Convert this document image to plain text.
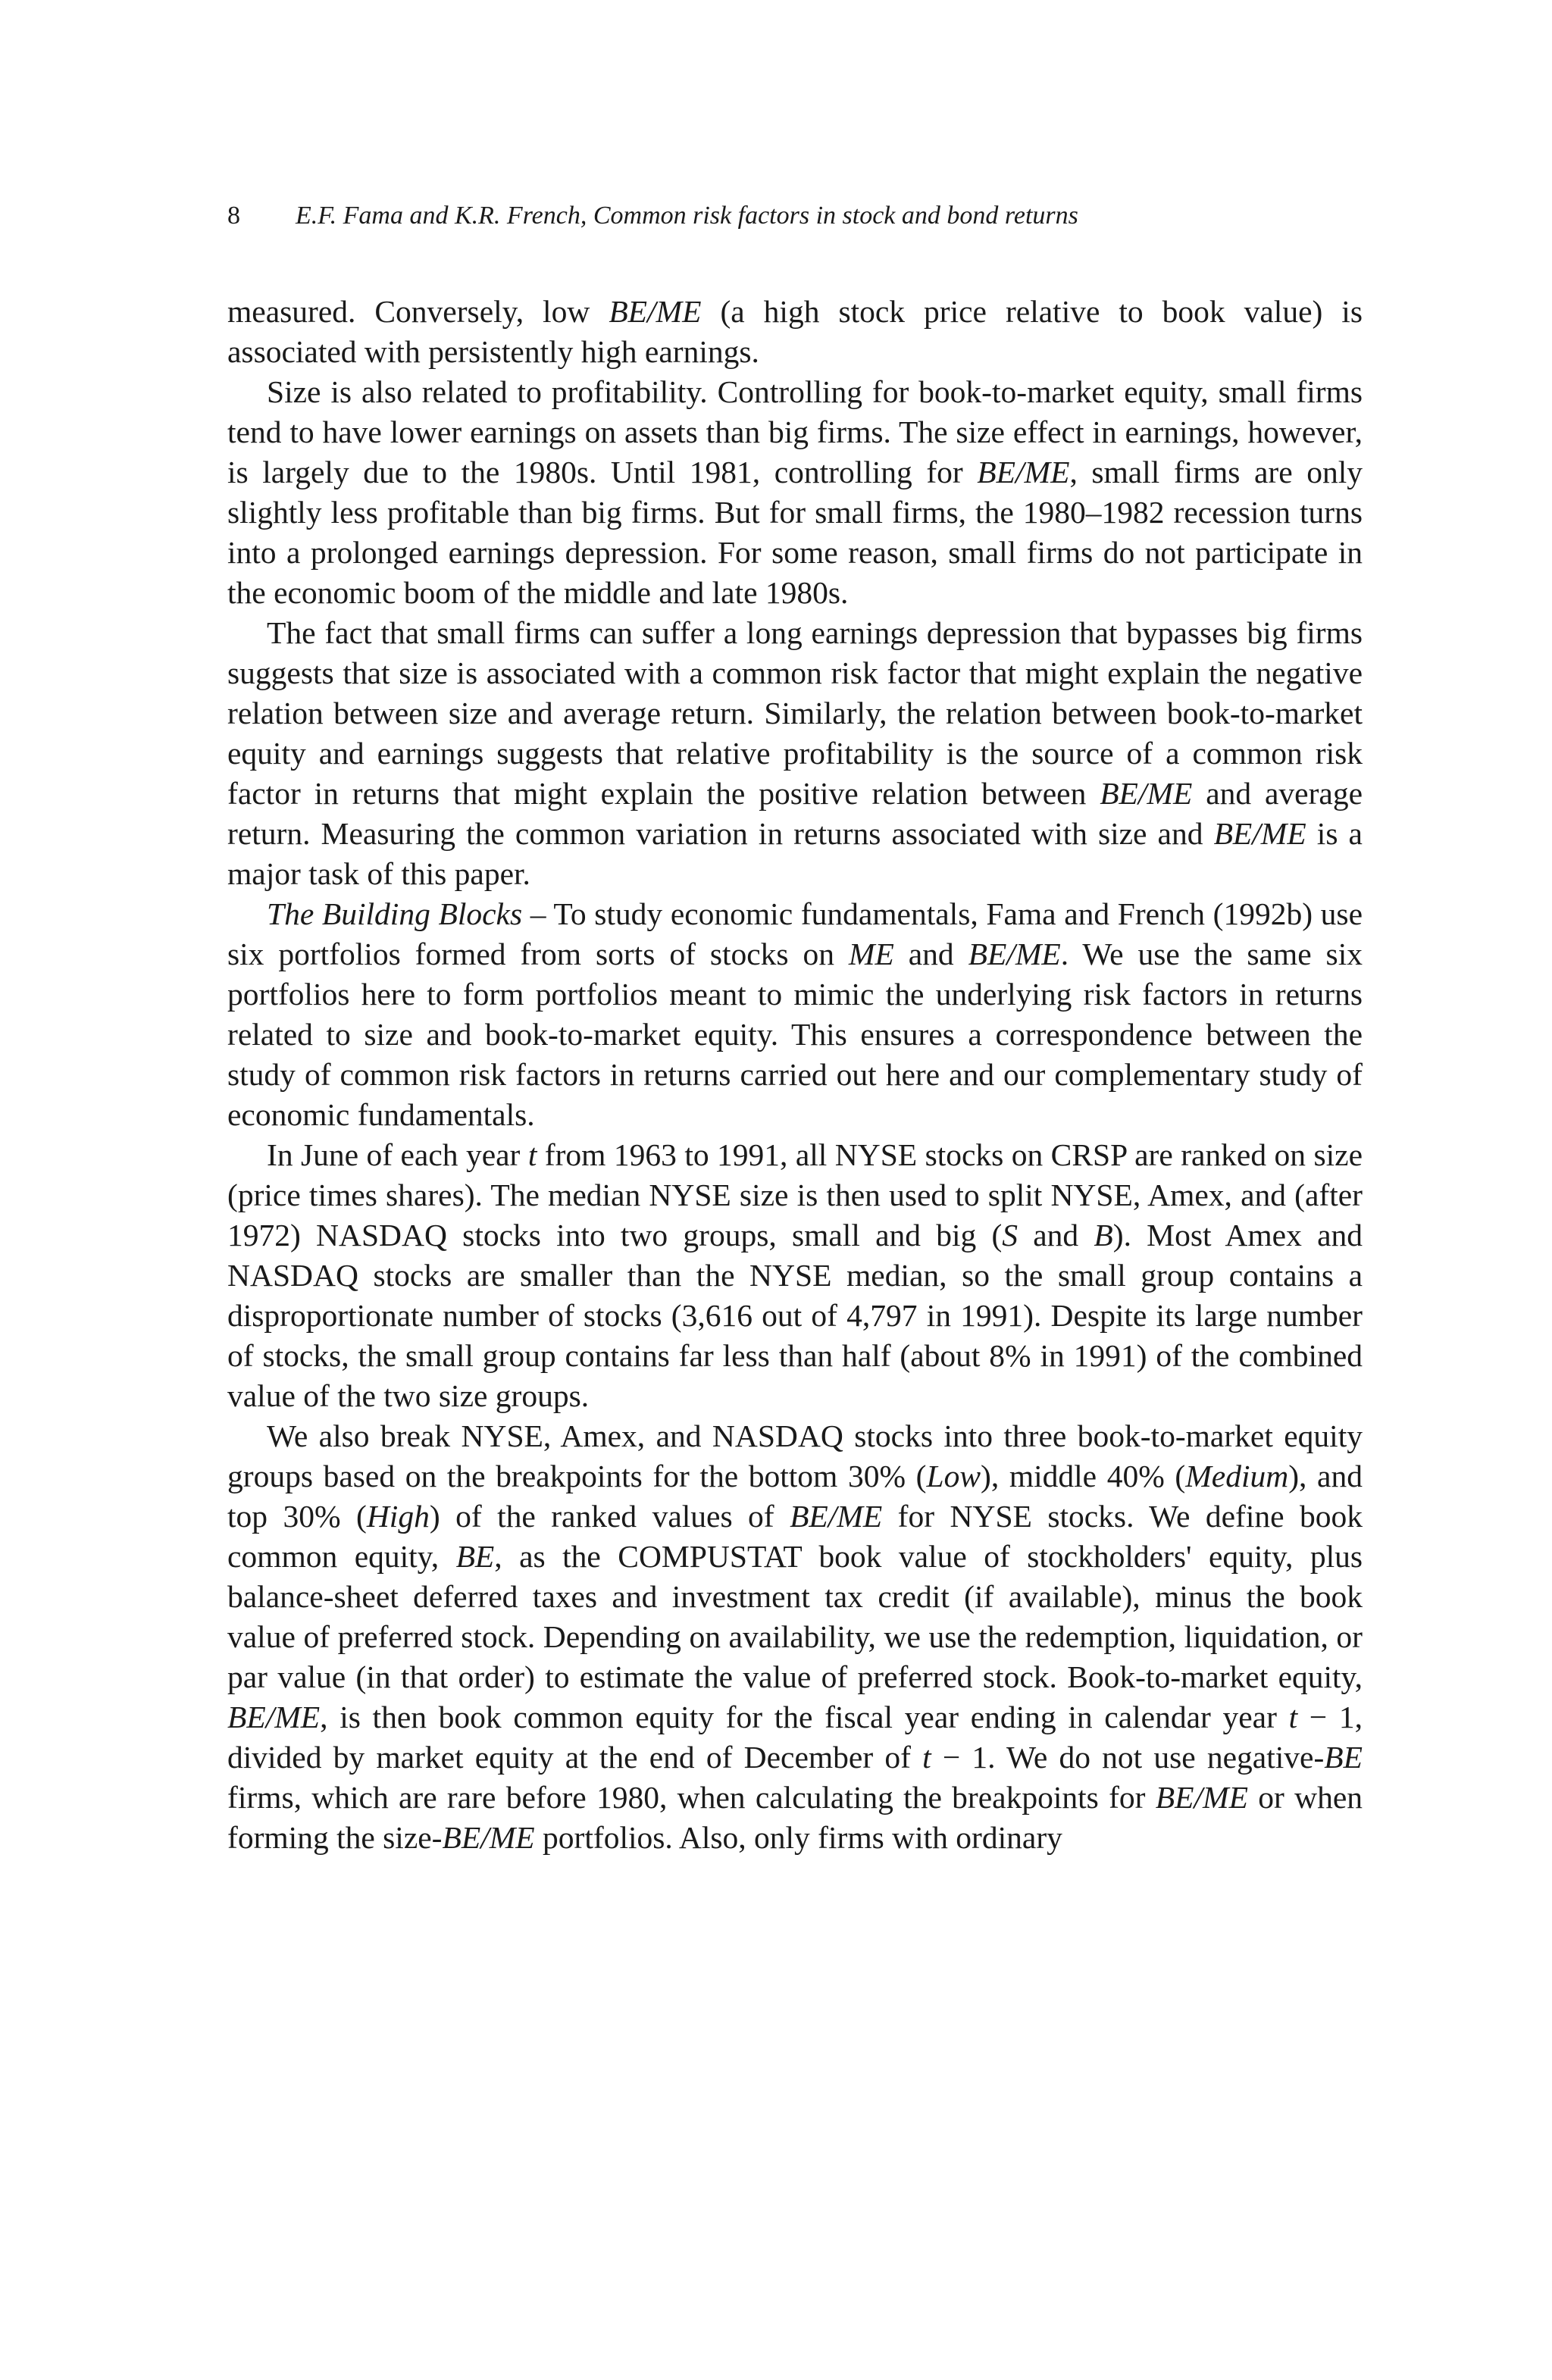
8 E.F. Fama and K.R. French, Common risk factors in stock and bond returns

measured. Conversely, low BE/ME (a high stock price relative to book value) is associated with persistently high earnings.

Size is also related to profitability. Controlling for book-to-market equity, small firms tend to have lower earnings on assets than big firms. The size effect in earnings, however, is largely due to the 1980s. Until 1981, controlling for BE/ME, small firms are only slightly less profitable than big firms. But for small firms, the 1980–1982 recession turns into a prolonged earnings depression. For some reason, small firms do not participate in the economic boom of the middle and late 1980s.

The fact that small firms can suffer a long earnings depression that bypasses big firms suggests that size is associated with a common risk factor that might explain the negative relation between size and average return. Similarly, the relation between book-to-market equity and earnings suggests that relative profitability is the source of a common risk factor in returns that might explain the positive relation between BE/ME and average return. Measuring the common variation in returns associated with size and BE/ME is a major task of this paper.

The Building Blocks – To study economic fundamentals, Fama and French (1992b) use six portfolios formed from sorts of stocks on ME and BE/ME. We use the same six portfolios here to form portfolios meant to mimic the underlying risk factors in returns related to size and book-to-market equity. This ensures a correspondence between the study of common risk factors in returns carried out here and our complementary study of economic fundamentals.

In June of each year t from 1963 to 1991, all NYSE stocks on CRSP are ranked on size (price times shares). The median NYSE size is then used to split NYSE, Amex, and (after 1972) NASDAQ stocks into two groups, small and big (S and B). Most Amex and NASDAQ stocks are smaller than the NYSE median, so the small group contains a disproportionate number of stocks (3,616 out of 4,797 in 1991). Despite its large number of stocks, the small group contains far less than half (about 8% in 1991) of the combined value of the two size groups.

We also break NYSE, Amex, and NASDAQ stocks into three book-to-market equity groups based on the breakpoints for the bottom 30% (Low), middle 40% (Medium), and top 30% (High) of the ranked values of BE/ME for NYSE stocks. We define book common equity, BE, as the COMPUSTAT book value of stockholders' equity, plus balance-sheet deferred taxes and investment tax credit (if available), minus the book value of preferred stock. Depending on availability, we use the redemption, liquidation, or par value (in that order) to estimate the value of preferred stock. Book-to-market equity, BE/ME, is then book common equity for the fiscal year ending in calendar year t − 1, divided by market equity at the end of December of t − 1. We do not use negative-BE firms, which are rare before 1980, when calculating the breakpoints for BE/ME or when forming the size-BE/ME portfolios. Also, only firms with ordinary
